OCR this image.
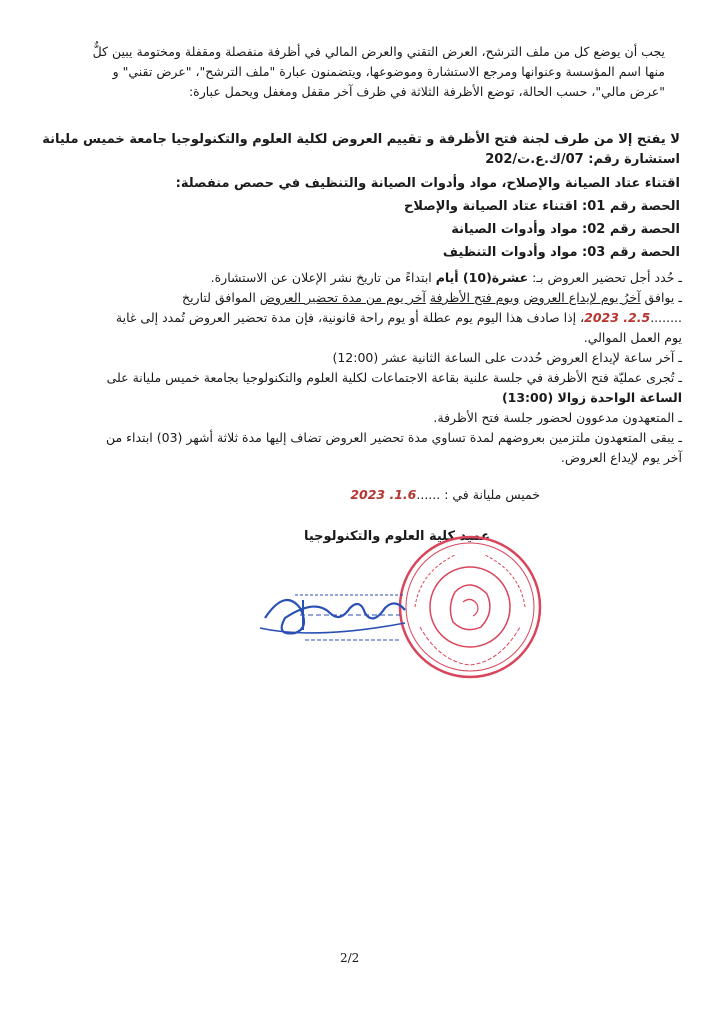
يجب أن يوضع كل من ملف الترشح، العرض التقني والعرض المالي في أظرفة منفصلة ومقفلة ومختومة يبين كلٌّ
منها اسم المؤسسة وعنوانها ومرجع الاستشارة وموضوعها، ويتضمنون عبارة "ملف الترشح"، "عرض تقني" و
"عرض مالي"، حسب الحالة، توضع الأظرفة الثلاثة في ظرف آخر مقفل ومغفل ويحمل عبارة:
لا يفتح إلا من طرف لجنة فتح الأظرفة و تقييم العروض لكلية العلوم والتكنولوجيا جامعة خميس مليانة
استشارة رقم: 07/ك.ع.ت/202
اقتناء عتاد الصيانة والإصلاح، مواد وأدوات الصيانة والتنظيف في حصص منفصلة:
الحصة رقم 01: اقتناء عتاد الصيانة والإصلاح
الحصة رقم 02: مواد وأدوات الصيانة
الحصة رقم 03: مواد وأدوات التنظيف
ـ حُدد أجل تحضير العروض بـ: عشرة(10) أيام ابتداءً من تاريخ نشر الإعلان عن الاستشارة.
ـ يوافق آخرُ يوم لإيداع العروض ويوم فتح الأظرفة آخر يوم من مدة تحضير العروض الموافق لتاريخ
........2.5. 2023، إذا صادف هذا اليوم يوم عطلة أو يوم راحة قانونية، فإن مدة تحضير العروض تُمدد إلى غاية
يوم العمل الموالي.
ـ آخر ساعة لإيداع العروض حُددت على الساعة الثانية عشر (12:00)
ـ تُجرى عمليّة فتح الأظرفة في جلسة علنية بقاعة الاجتماعات لكلية العلوم والتكنولوجيا بجامعة خميس مليانة على
الساعة الواحدة زوالا (13:00)
ـ المتعهدون مدعوون لحضور جلسة فتح الأظرفة.
ـ يبقى المتعهدون ملتزمين بعروضهم لمدة تساوي مدة تحضير العروض تضاف إليها مدة ثلاثة أشهر (03) ابتداء من
آخر يوم لإيداع العروض.
خميس مليانة في : ......1.6. 2023
عميد كلية العلوم والتكنولوجيا
2/2
